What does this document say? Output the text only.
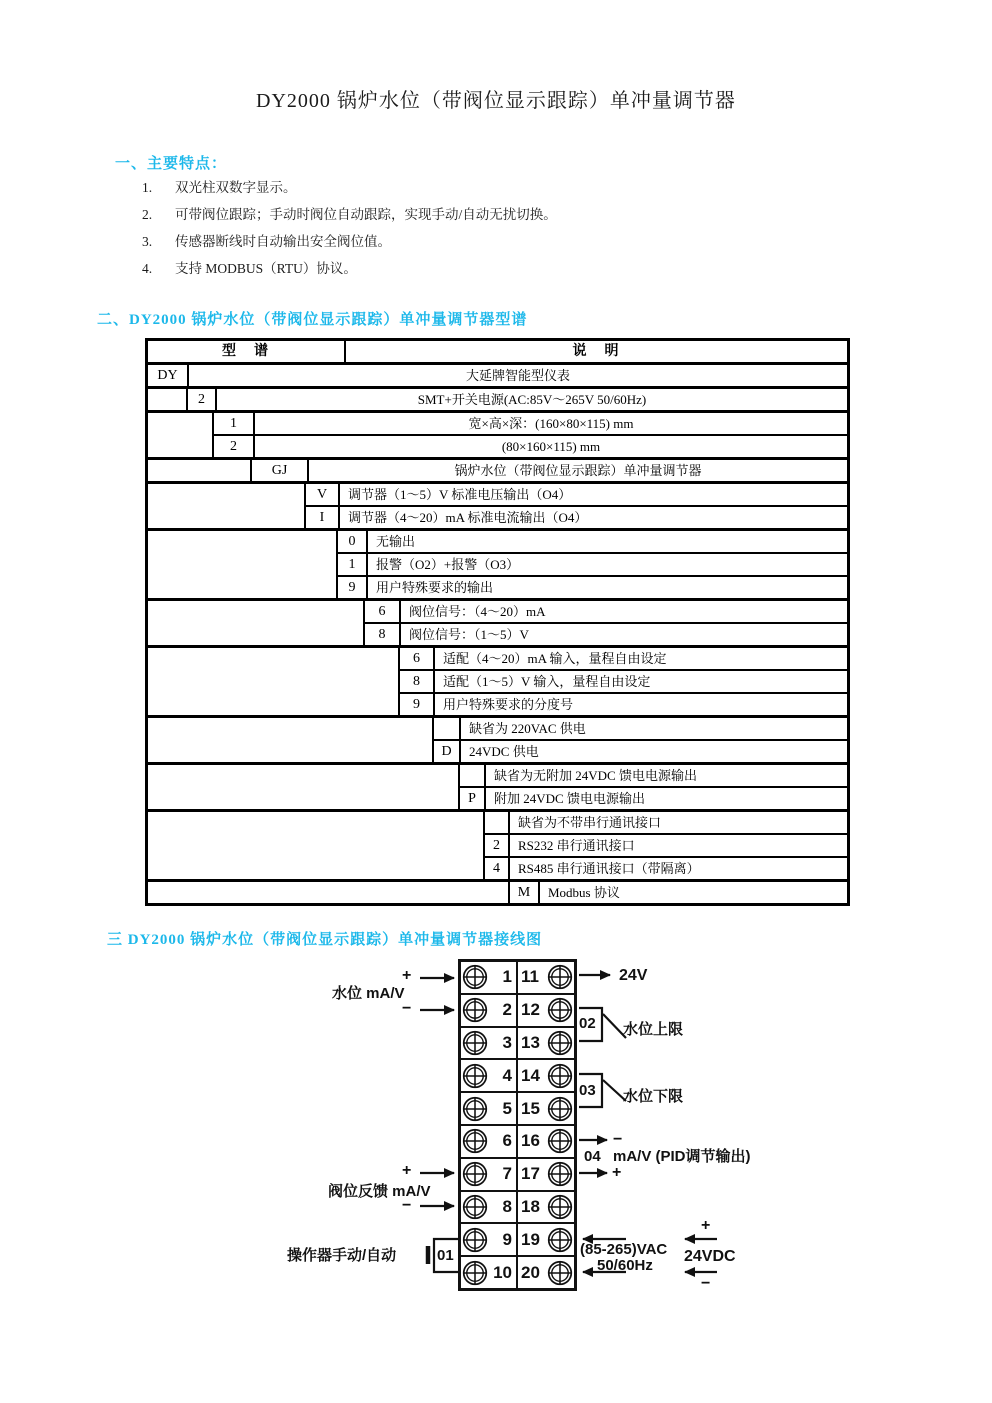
DY2000 锅炉水位（带阀位显示跟踪）单冲量调节器
一、主要特点：
1.	双光柱双数字显示。
2.	可带阀位跟踪；手动时阀位自动跟踪，实现手动/自动无扰切换。
3.	传感器断线时自动输出安全阀位值。
4.	支持 MODBUS（RTU）协议。
二、DY2000 锅炉水位（带阀位显示跟踪）单冲量调节器型谱
型　谱	说　明
DY	大延牌智能型仪表
2	SMT+开关电源(AC:85V～265V 50/60Hz)
1	宽×高×深：(160×80×115) mm
2	(80×160×115) mm
GJ	锅炉水位（带阀位显示跟踪）单冲量调节器
V	调节器（1～5）V 标准电压输出（O4）
I	调节器（4～20）mA 标准电流输出（O4）
0	无输出
1	报警（O2）+报警（O3）
9	用户特殊要求的输出
6	阀位信号：（4～20）mA
8	阀位信号：（1～5）V
6	适配（4～20）mA 输入，量程自由设定
8	适配（1～5）V 输入，量程自由设定
9	用户特殊要求的分度号
缺省为 220VAC 供电
D	24VDC 供电
缺省为无附加 24VDC 馈电电源输出
P	附加 24VDC 馈电电源输出
缺省为不带串行通讯接口
2	RS232 串行通讯接口
4	RS485 串行通讯接口（带隔离）
M	Modbus 协议
三 DY2000 锅炉水位（带阀位显示跟踪）单冲量调节器接线图
1 11
2 12
3 13
4 14
5 15
6 16
7 17
8 18
9 19
10 20
+
水位 mA/V
−
+
阀位反馈 mA/V
−
操作器手动/自动	01
24V
02 水位上限
03 水位下限
−
04 mA/V (PID调节输出)
+
(85-265)VAC
50/60Hz
+
24VDC
−
